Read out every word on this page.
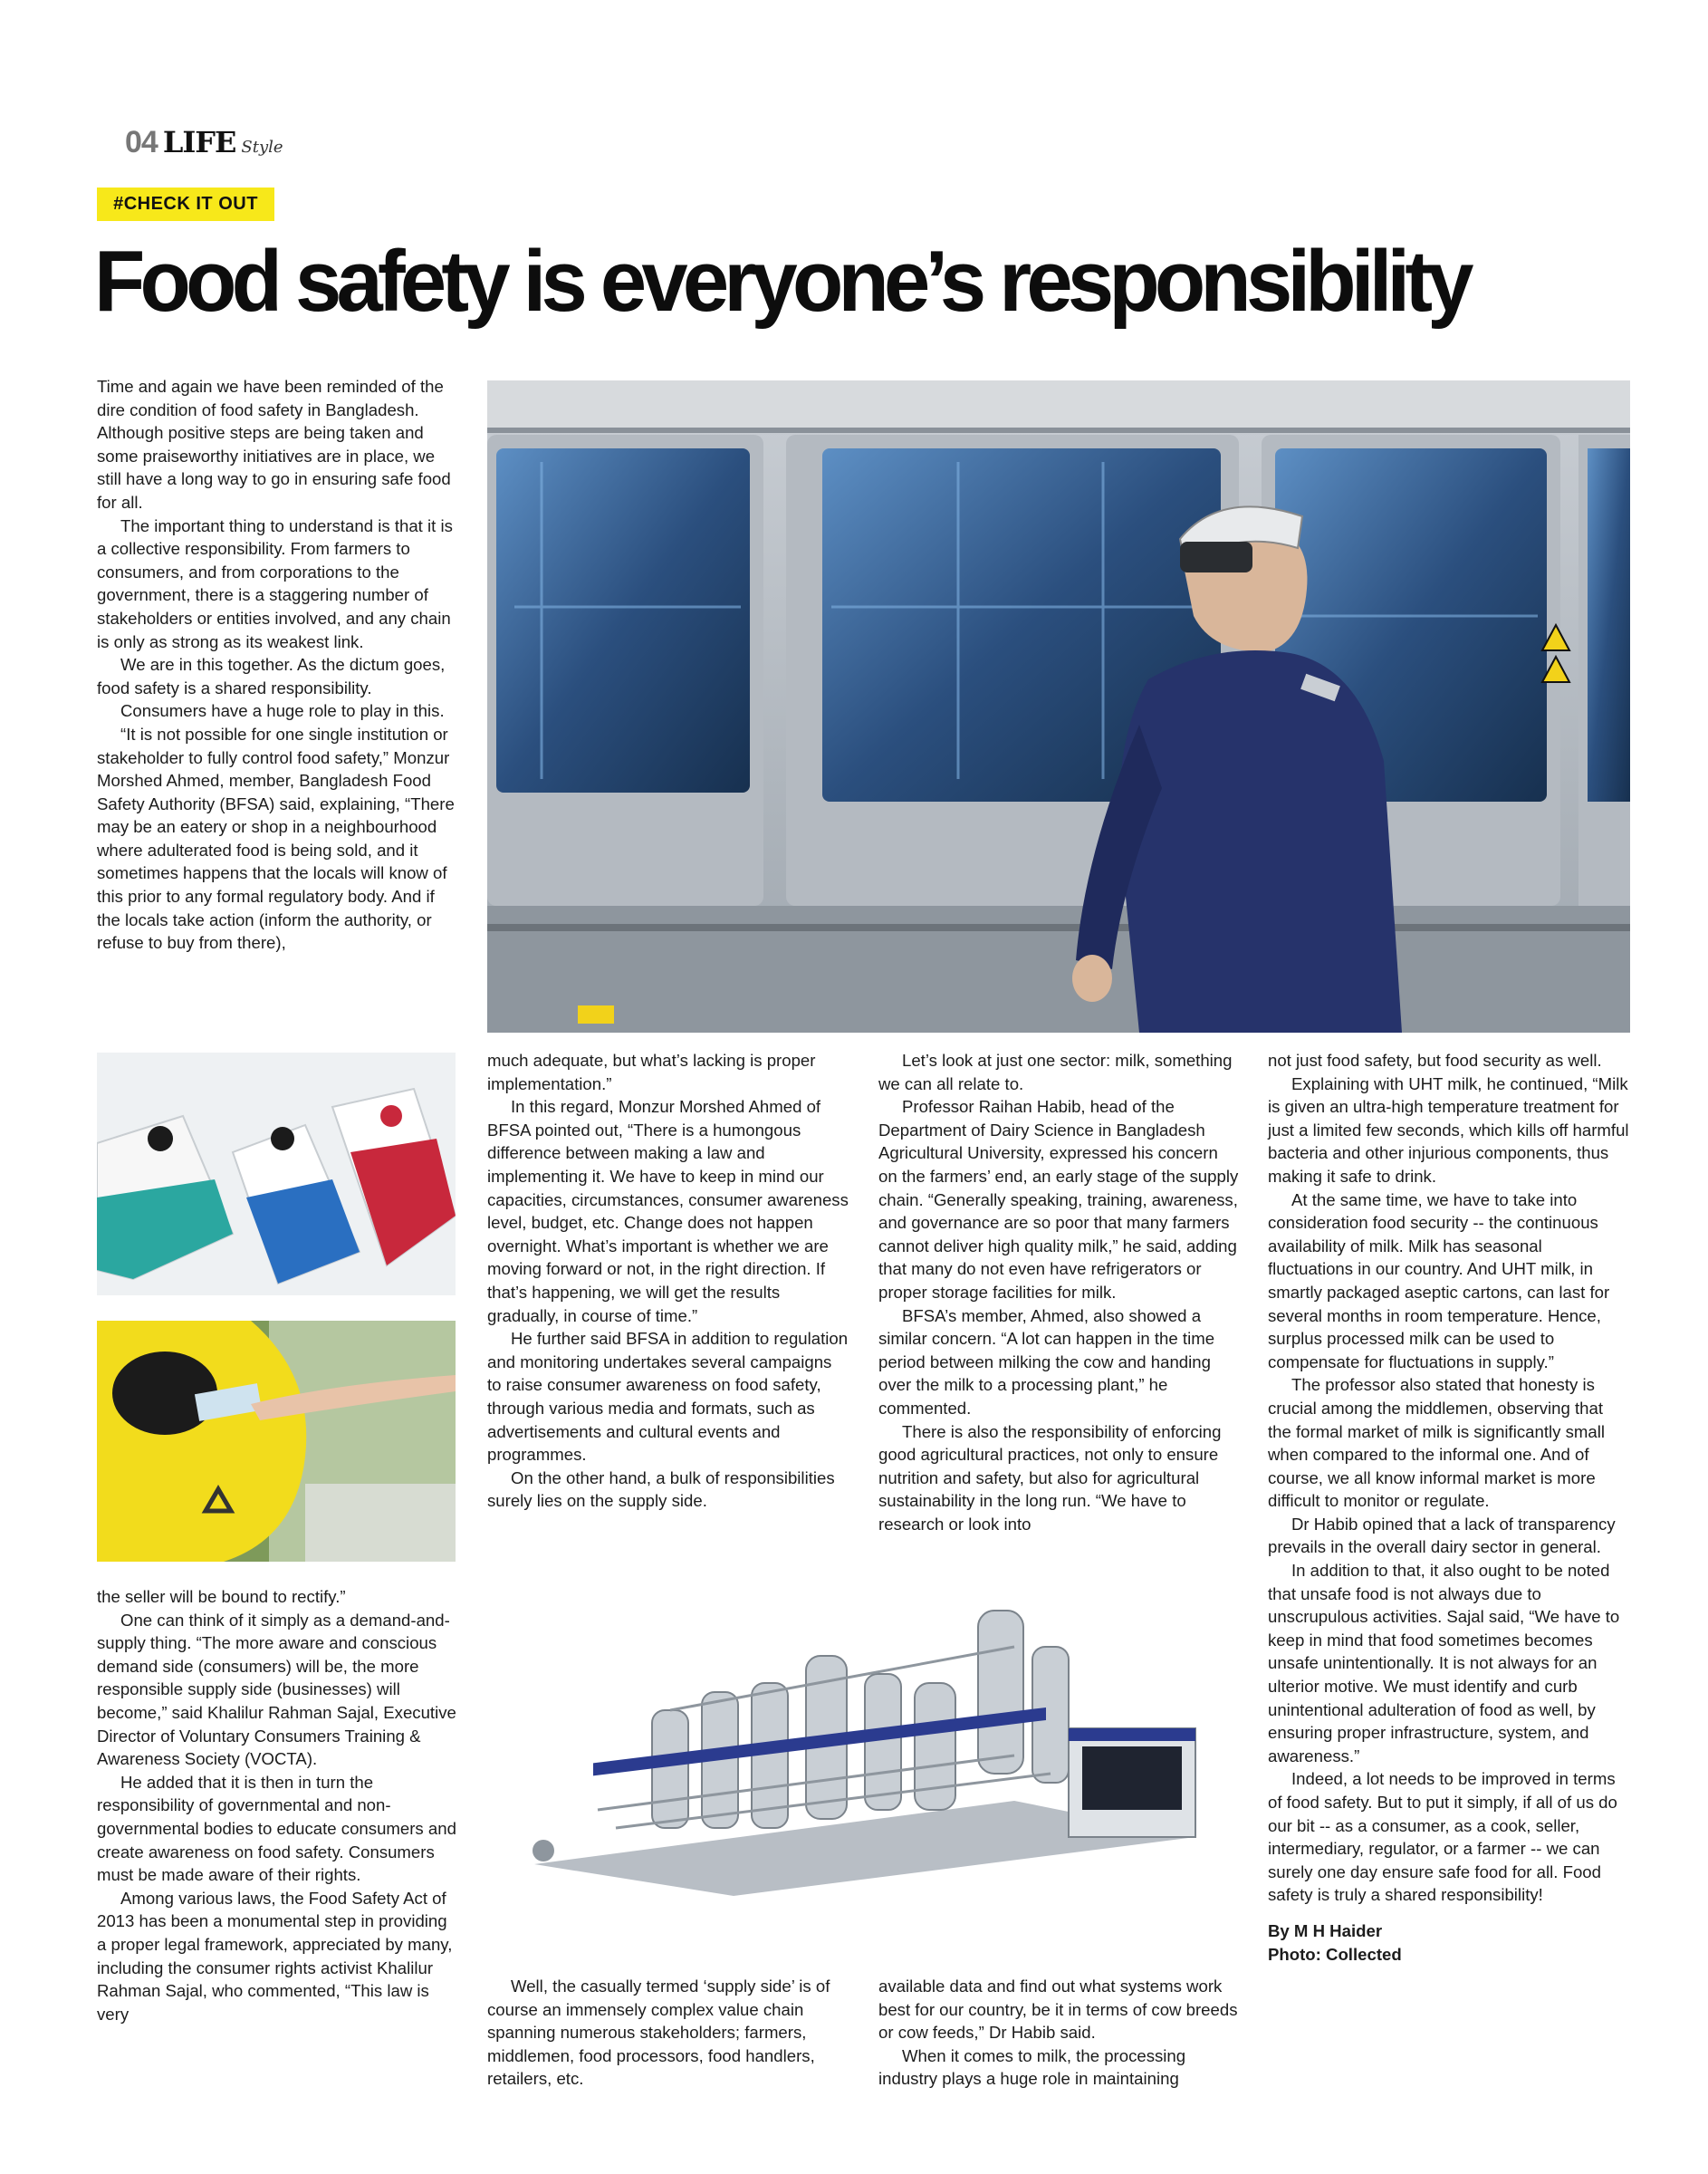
04 LIFE Style
#CHECK IT OUT
Food safety is everyone’s responsibility

Time and again we have been reminded of the dire condition of food safety in Bangladesh. Although positive steps are being taken and some praiseworthy initiatives are in place, we still have a long way to go in ensuring safe food for all.

The important thing to understand is that it is a collective responsibility. From farmers to consumers, and from corporations to the government, there is a staggering number of stakeholders or entities involved, and any chain is only as strong as its weakest link.

We are in this together. As the dictum goes, food safety is a shared responsibility.

Consumers have a huge role to play in this.

“It is not possible for one single institution or stakeholder to fully control food safety,” Monzur Morshed Ahmed, member, Bangladesh Food Safety Authority (BFSA) said, explaining, “There may be an eatery or shop in a neighbourhood where adulterated food is being sold, and it sometimes happens that the locals will know of this prior to any formal regulatory body. And if the locals take action (inform the authority, or refuse to buy from there),

the seller will be bound to rectify.”

One can think of it simply as a demand-and-supply thing. “The more aware and conscious demand side (consumers) will be, the more responsible supply side (businesses) will become,” said Khalilur Rahman Sajal, Executive Director of Voluntary Consumers Training & Awareness Society (VOCTA).

He added that it is then in turn the responsibility of governmental and non-governmental bodies to educate consumers and create awareness on food safety. Consumers must be made aware of their rights.

Among various laws, the Food Safety Act of 2013 has been a monumental step in providing a proper legal framework, appreciated by many, including the consumer rights activist Khalilur Rahman Sajal, who commented, “This law is very

much adequate, but what’s lacking is proper implementation.”

In this regard, Monzur Morshed Ahmed of BFSA pointed out, “There is a humongous difference between making a law and implementing it. We have to keep in mind our capacities, circumstances, consumer awareness level, budget, etc. Change does not happen overnight. What’s important is whether we are moving forward or not, in the right direction. If that’s happening, we will get the results gradually, in course of time.”

He further said BFSA in addition to regulation and monitoring undertakes several campaigns to raise consumer awareness on food safety, through various media and formats, such as advertisements and cultural events and programmes.

On the other hand, a bulk of responsibilities surely lies on the supply side.

Let’s look at just one sector: milk, something we can all relate to.

Professor Raihan Habib, head of the Department of Dairy Science in Bangladesh Agricultural University, expressed his concern on the farmers’ end, an early stage of the supply chain. “Generally speaking, training, awareness, and governance are so poor that many farmers cannot deliver high quality milk,” he said, adding that many do not even have refrigerators or proper storage facilities for milk.

BFSA’s member, Ahmed, also showed a similar concern. “A lot can happen in the time period between milking the cow and handing over the milk to a processing plant,” he commented.

There is also the responsibility of enforcing good agricultural practices, not only to ensure nutrition and safety, but also for agricultural sustainability in the long run. “We have to research or look into

Well, the casually termed ‘supply side’ is of course an immensely complex value chain spanning numerous stakeholders; farmers, middlemen, food processors, food handlers, retailers, etc.

available data and find out what systems work best for our country, be it in terms of cow breeds or cow feeds,” Dr Habib said.

When it comes to milk, the processing industry plays a huge role in maintaining

not just food safety, but food security as well.

Explaining with UHT milk, he continued, “Milk is given an ultra-high temperature treatment for just a limited few seconds, which kills off harmful bacteria and other injurious components, thus making it safe to drink.

At the same time, we have to take into consideration food security -- the continuous availability of milk. Milk has seasonal fluctuations in our country. And UHT milk, in smartly packaged aseptic cartons, can last for several months in room temperature. Hence, surplus processed milk can be used to compensate for fluctuations in supply.”

The professor also stated that honesty is crucial among the middlemen, observing that the formal market of milk is significantly small when compared to the informal one. And of course, we all know informal market is more difficult to monitor or regulate.

Dr Habib opined that a lack of transparency prevails in the overall dairy sector in general.

In addition to that, it also ought to be noted that unsafe food is not always due to unscrupulous activities. Sajal said, “We have to keep in mind that food sometimes becomes unsafe unintentionally. It is not always for an ulterior motive. We must identify and curb unintentional adulteration of food as well, by ensuring proper infrastructure, system, and awareness.”

Indeed, a lot needs to be improved in terms of food safety. But to put it simply, if all of us do our bit -- as a consumer, as a cook, seller, intermediary, regulator, or a farmer -- we can surely one day ensure safe food for all. Food safety is truly a shared responsibility!

By M H Haider

Photo: Collected
